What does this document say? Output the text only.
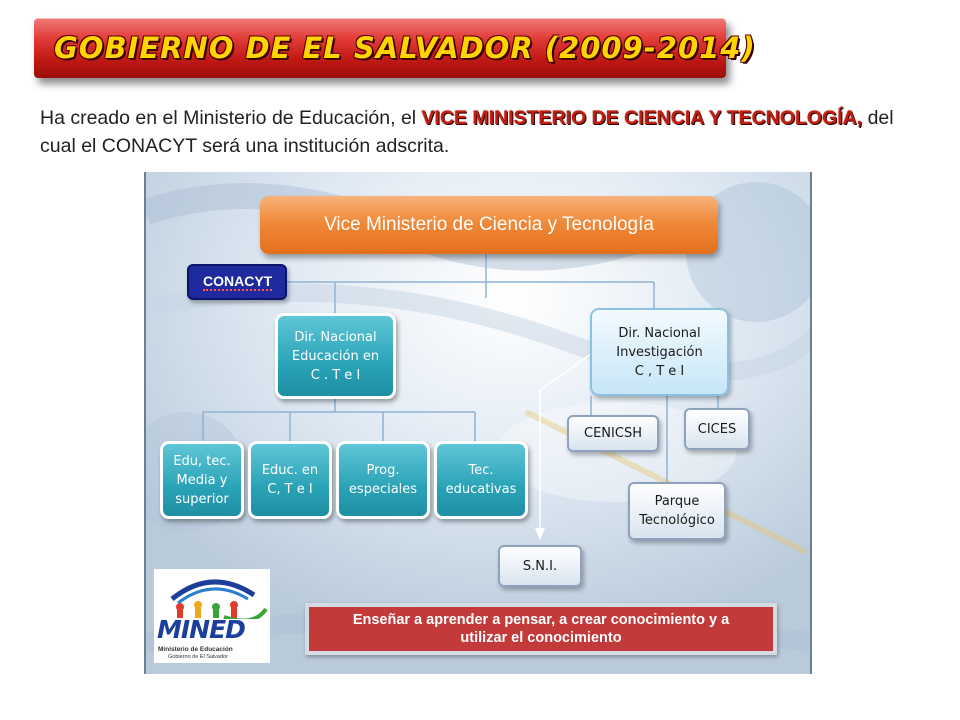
GOBIERNO DE EL SALVADOR (2009-2014)
Ha creado en el Ministerio de Educación, el VICE MINISTERIO DE CIENCIA Y TECNOLOGÍA, del cual el CONACYT será una institución adscrita.
Vice Ministerio de Ciencia y Tecnología
CONACYT
Dir. Nacional
Educación en
C . T e I
Dir. Nacional
Investigación
C , T e I
Edu, tec.
Media y
superior
Educ. en
C, T e I
Prog.
especiales
Tec.
educativas
CENICSH	CICES
Parque
Tecnológico
S.N.I.
Enseñar a aprender a pensar, a crear conocimiento y a
utilizar el conocimiento
MINED
Ministerio de Educación
Gobierno de El Salvador
